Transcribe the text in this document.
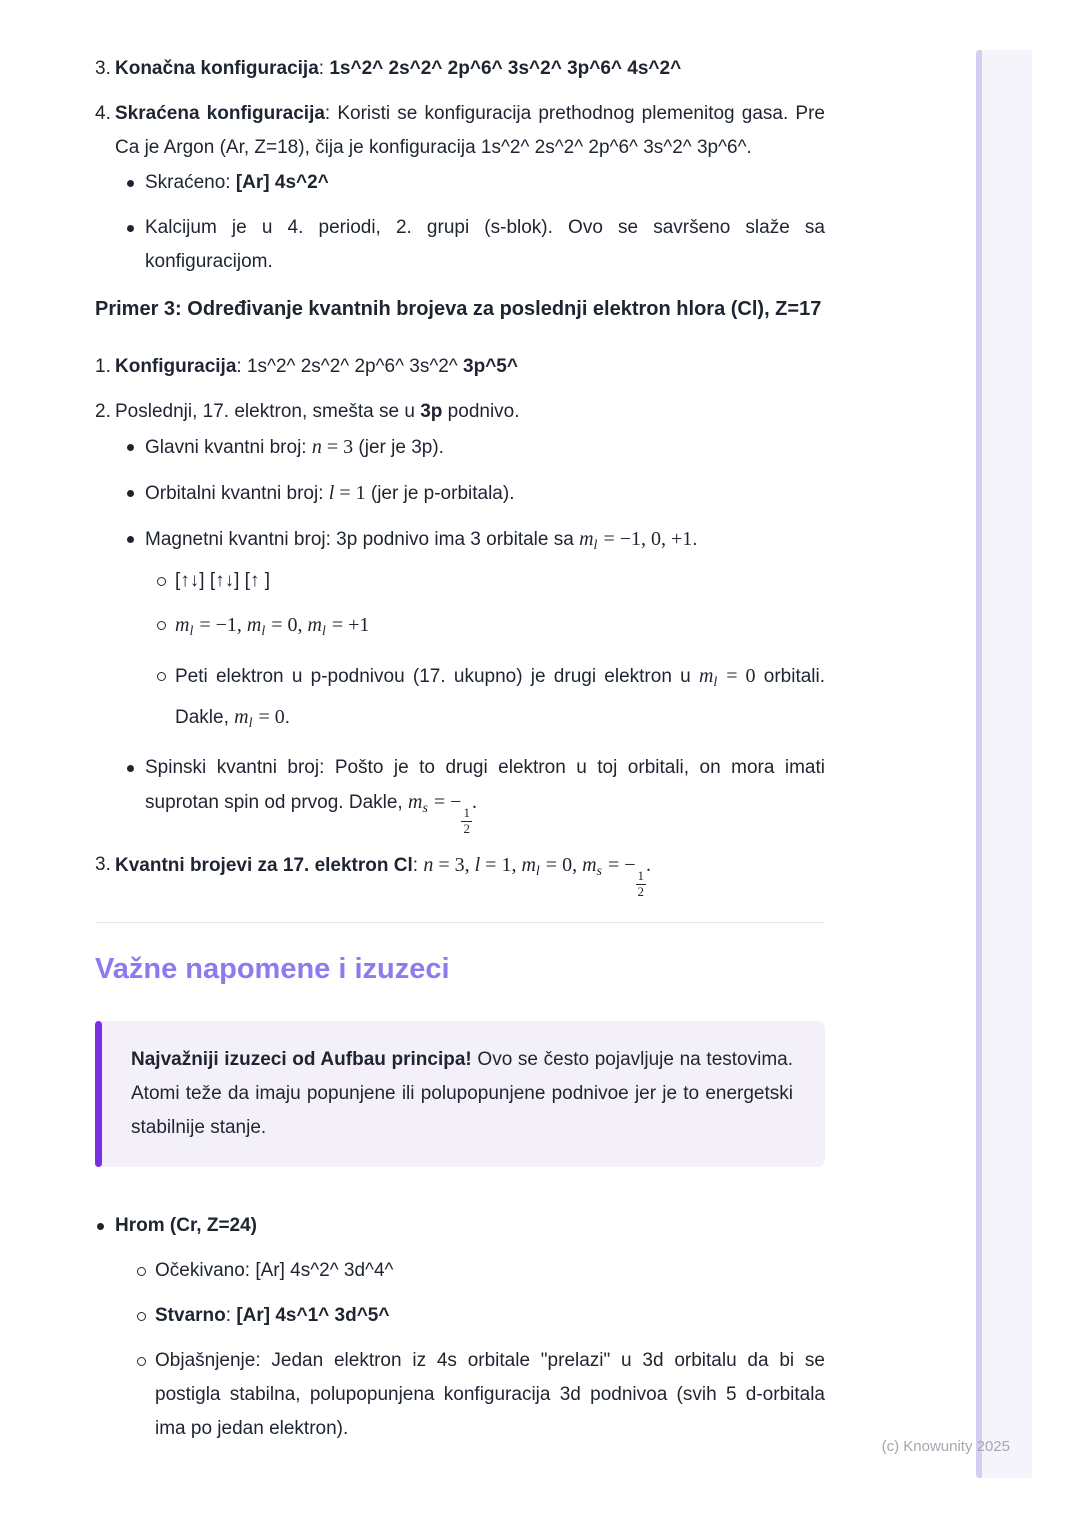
3. Konačna konfiguracija: 1s^2^ 2s^2^ 2p^6^ 3s^2^ 3p^6^ 4s^2^
4. Skraćena konfiguracija: Koristi se konfiguracija prethodnog plemenitog gasa. Pre Ca je Argon (Ar, Z=18), čija je konfiguracija 1s^2^ 2s^2^ 2p^6^ 3s^2^ 3p^6^.
Skraćeno: [Ar] 4s^2^
Kalcijum je u 4. periodi, 2. grupi (s-blok). Ovo se savršeno slaže sa konfiguracijom.
Primer 3: Određivanje kvantnih brojeva za poslednji elektron hlora (Cl), Z=17
1. Konfiguracija: 1s^2^ 2s^2^ 2p^6^ 3s^2^ 3p^5^
2. Poslednji, 17. elektron, smešta se u 3p podnivo.
Glavni kvantni broj: n = 3 (jer je 3p).
Orbitalni kvantni broj: l = 1 (jer je p-orbitala).
Magnetni kvantni broj: 3p podnivo ima 3 orbitale sa $m_l = -1$, 0, +1.
[↑↓] [↑↓] [↑ ]
$m_l = -1$, $m_l = 0$, $m_l = +1$
Peti elektron u p-podnivou (17. ukupno) je drugi elektron u $m_l = 0$ orbitali. Dakle, $m_l = 0$.
Spinski kvantni broj: Pošto je to drugi elektron u toj orbitali, on mora imati suprotan spin od prvog. Dakle, $m_s$ = −
$\frac{1}{2}$
.
3. Kvantni brojevi za 17. elektron Cl: n = 3, l = 1, $m_l = 0$, $m_s$ = −
$\frac{1}{2}$
.
Važne napomene i izuzeci

Najvažniji izuzeci od Aufbau principa! Ovo se često pojavljuje na testovima. Atomi teže da imaju popunjene ili polupopunjene podnivoe jer je to energetski stabilnije stanje.

Hrom (Cr, Z=24)
Očekivano: [Ar] 4s^2^ 3d^4^
Stvarno: [Ar] 4s^1^ 3d^5^
Objašnjenje: Jedan elektron iz 4s orbitale "prelazi" u 3d orbitalu da bi se postigla stabilna, polupopunjena konfiguracija 3d podnivoa (svih 5 d-orbitala ima po jedan elektron).
(c) Knowunity 2025
